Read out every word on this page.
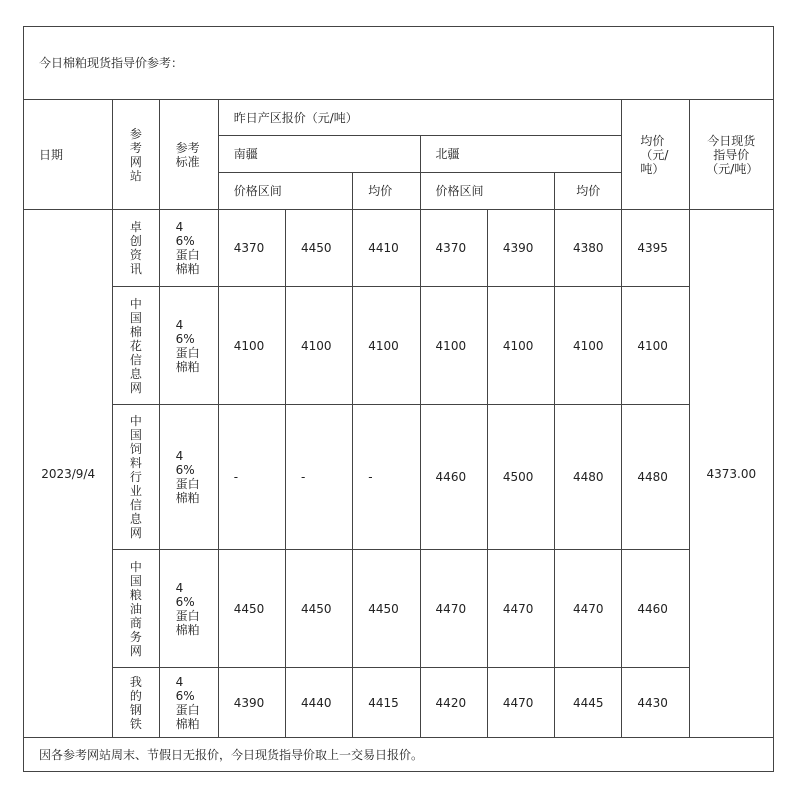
今日棉粕现货指导价参考：										
日期	参考网站	参考标准	昨日产区报价（元/吨）						均价（元/吨）	今日现货指导价（元/吨）
			南疆			北疆				
			价格区间		均价	价格区间		均价		
2023/9/4	卓创资讯	46%蛋白棉粕	4370	4450	4410	4370	4390	4380	4395	4373.00
	中国棉花信息网	46%蛋白棉粕	4100	4100	4100	4100	4100	4100	4100	
	中国饲料行业信息网	46%蛋白棉粕	-	-	-	4460	4500	4480	4480	
	中国粮油商务网	46%蛋白棉粕	4450	4450	4450	4470	4470	4470	4460	
	我的钢铁	46%蛋白棉粕	4390	4440	4415	4420	4470	4445	4430	
因各参考网站周末、节假日无报价，今日现货指导价取上一交易日报价。										
